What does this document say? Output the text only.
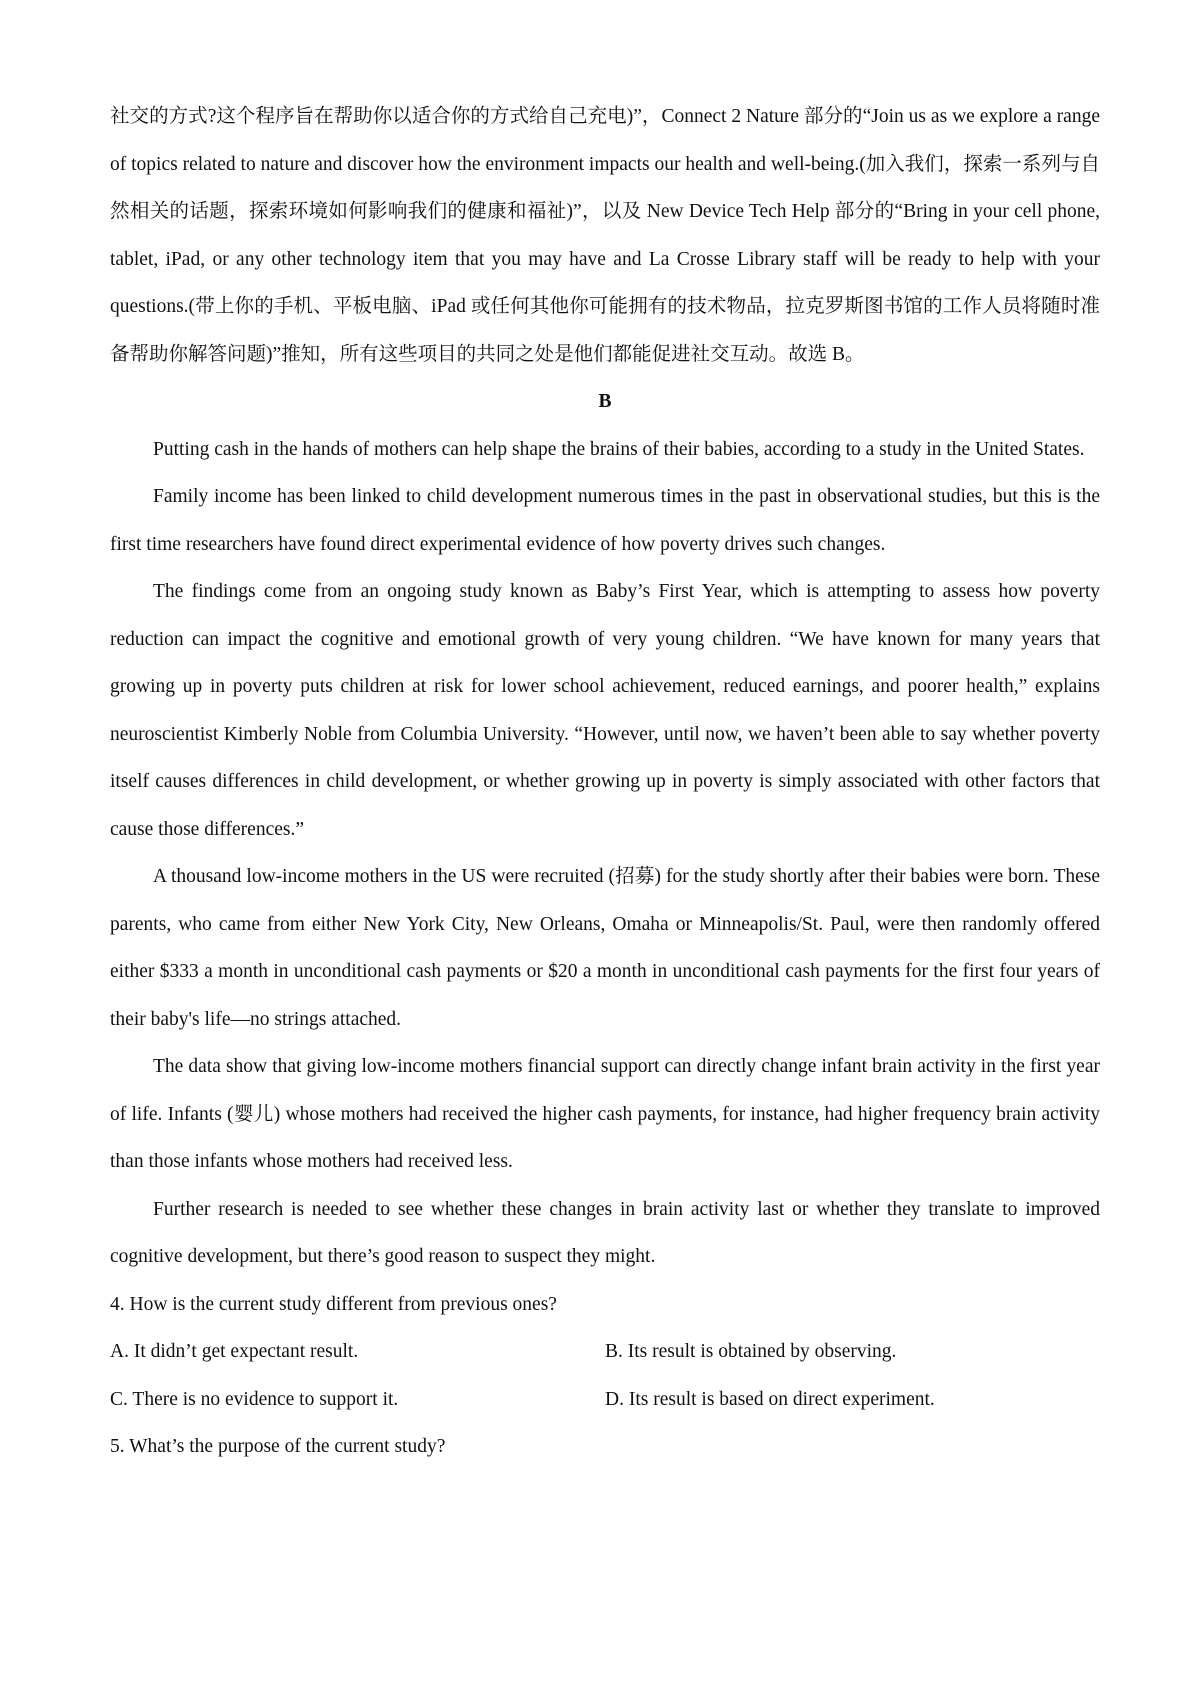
社交的方式?这个程序旨在帮助你以适合你的方式给自己充电)”，Connect 2 Nature 部分的“Join us as we explore a range of topics related to nature and discover how the environment impacts our health and well-being.(加入我们，探索一系列与自然相关的话题，探索环境如何影响我们的健康和福祉)”，以及 New Device Tech Help 部分的“Bring in your cell phone, tablet, iPad, or any other technology item that you may have and La Crosse Library staff will be ready to help with your questions.(带上你的手机、平板电脑、iPad 或任何其他你可能拥有的技术物品，拉克罗斯图书馆的工作人员将随时准备帮助你解答问题)”推知，所有这些项目的共同之处是他们都能促进社交互动。故选 B。

B

Putting cash in the hands of mothers can help shape the brains of their babies, according to a study in the United States.

Family income has been linked to child development numerous times in the past in observational studies, but this is the first time researchers have found direct experimental evidence of how poverty drives such changes.

The findings come from an ongoing study known as Baby’s First Year, which is attempting to assess how poverty reduction can impact the cognitive and emotional growth of very young children. “We have known for many years that growing up in poverty puts children at risk for lower school achievement, reduced earnings, and poorer health,” explains neuroscientist Kimberly Noble from Columbia University. “However, until now, we haven’t been able to say whether poverty itself causes differences in child development, or whether growing up in poverty is simply associated with other factors that cause those differences.”

A thousand low-income mothers in the US were recruited (招募) for the study shortly after their babies were born. These parents, who came from either New York City, New Orleans, Omaha or Minneapolis/St. Paul, were then randomly offered either $333 a month in unconditional cash payments or $20 a month in unconditional cash payments for the first four years of their baby's life—no strings attached.

The data show that giving low-income mothers financial support can directly change infant brain activity in the first year of life. Infants (婴儿) whose mothers had received the higher cash payments, for instance, had higher frequency brain activity than those infants whose mothers had received less.

Further research is needed to see whether these changes in brain activity last or whether they translate to improved cognitive development, but there’s good reason to suspect they might.

4. How is the current study different from previous ones?

A. It didn’t get expectant result.	B. Its result is obtained by observing.
C. There is no evidence to support it.	D. Its result is based on direct experiment.

5. What’s the purpose of the current study?
